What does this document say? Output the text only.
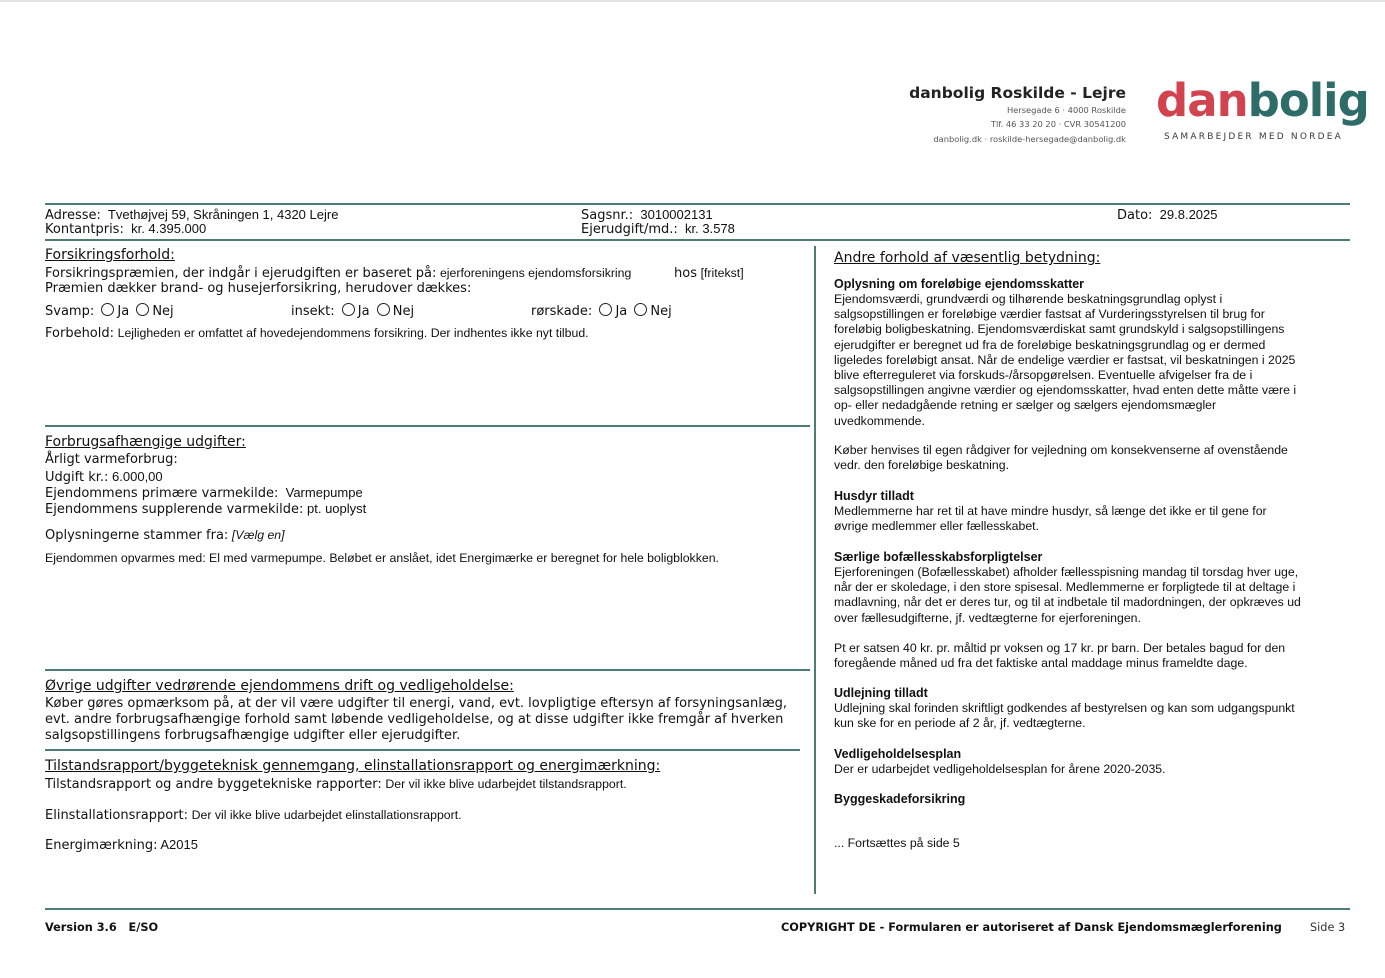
danbolig Roskilde - Lejre
Hersegade 6 · 4000 Roskilde
Tlf. 46 33 20 20 · CVR 30541200
danbolig.dk · roskilde-hersegade@danbolig.dk
danbolig
SAMARBEJDER MED NORDEA
Adresse: Tvethøjvej 59, Skråningen 1, 4320 Lejre
Kontantpris: kr. 4.395.000
Sagsnr.: 3010002131
Ejerudgift/md.: kr. 3.578
Dato: 29.8.2025
Forsikringsforhold:
Forsikringspræmien, der indgår i ejerudgiften er baseret på: ejerforeningens ejendomsforsikring	hos [fritekst]
Præmien dækker brand- og husejerforsikring, herudover dækkes:
Svamp: Ja Nej	insekt: Ja Nej	rørskade: Ja Nej
Forbehold: Lejligheden er omfattet af hovedejendommens forsikring. Der indhentes ikke nyt tilbud.
Forbrugsafhængige udgifter:
Årligt varmeforbrug:
Udgift kr.: 6.000,00
Ejendommens primære varmekilde: Varmepumpe
Ejendommens supplerende varmekilde: pt. uoplyst
Oplysningerne stammer fra: [Vælg en]
Ejendommen opvarmes med: El med varmepumpe. Beløbet er anslået, idet Energimærke er beregnet for hele boligblokken.
Øvrige udgifter vedrørende ejendommens drift og vedligeholdelse:
Køber gøres opmærksom på, at der vil være udgifter til energi, vand, evt. lovpligtige eftersyn af forsyningsanlæg,
evt. andre forbrugsafhængige forhold samt løbende vedligeholdelse, og at disse udgifter ikke fremgår af hverken
salgsopstillingens forbrugsafhængige udgifter eller ejerudgifter.
Tilstandsrapport/byggeteknisk gennemgang, elinstallationsrapport og energimærkning:
Tilstandsrapport og andre byggetekniske rapporter: Der vil ikke blive udarbejdet tilstandsrapport.
Elinstallationsrapport: Der vil ikke blive udarbejdet elinstallationsrapport.
Energimærkning: A2015
Andre forhold af væsentlig betydning:
Oplysning om foreløbige ejendomsskatter
Ejendomsværdi, grundværdi og tilhørende beskatningsgrundlag oplyst i
salgsopstillingen er foreløbige værdier fastsat af Vurderingsstyrelsen til brug for
foreløbig boligbeskatning. Ejendomsværdiskat samt grundskyld i salgsopstillingens
ejerudgifter er beregnet ud fra de foreløbige beskatningsgrundlag og er dermed
ligeledes foreløbigt ansat. Når de endelige værdier er fastsat, vil beskatningen i 2025
blive efterreguleret via forskuds-/årsopgørelsen. Eventuelle afvigelser fra de i
salgsopstillingen angivne værdier og ejendomsskatter, hvad enten dette måtte være i
op- eller nedadgående retning er sælger og sælgers ejendomsmægler
uvedkommende.
Køber henvises til egen rådgiver for vejledning om konsekvenserne af ovenstående
vedr. den foreløbige beskatning.
Husdyr tilladt
Medlemmerne har ret til at have mindre husdyr, så længe det ikke er til gene for
øvrige medlemmer eller fællesskabet.
Særlige bofællesskabsforpligtelser
Ejerforeningen (Bofællesskabet) afholder fællesspisning mandag til torsdag hver uge,
når der er skoledage, i den store spisesal. Medlemmerne er forpligtede til at deltage i
madlavning, når det er deres tur, og til at indbetale til madordningen, der opkræves ud
over fællesudgifterne, jf. vedtægterne for ejerforeningen.
Pt er satsen 40 kr. pr. måltid pr voksen og 17 kr. pr barn. Der betales bagud for den
foregående måned ud fra det faktiske antal maddage minus frameldte dage.
Udlejning tilladt
Udlejning skal forinden skriftligt godkendes af bestyrelsen og kan som udgangspunkt
kun ske for en periode af 2 år, jf. vedtægterne.
Vedligeholdelsesplan
Der er udarbejdet vedligeholdelsesplan for årene 2020-2035.
Byggeskadeforsikring
... Fortsættes på side 5
Version 3.6   E/SO	COPYRIGHT DE - Formularen er autoriseret af Dansk Ejendomsmæglerforening Side 3
